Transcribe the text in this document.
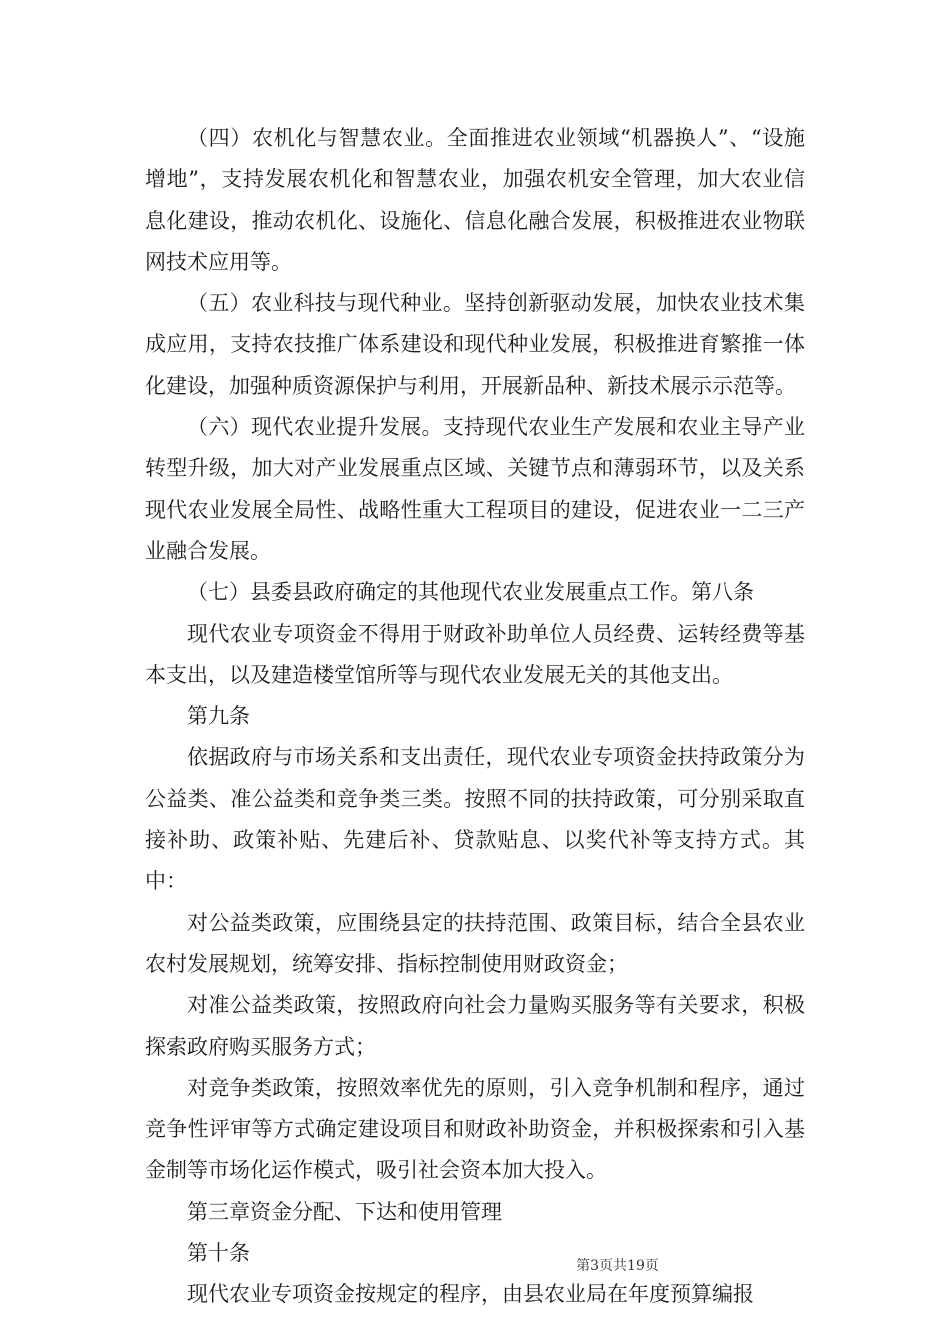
（四）农机化与智慧农业。全面推进农业领域“机器换人”、“设施增地”，支持发展农机化和智慧农业，加强农机安全管理，加大农业信息化建设，推动农机化、设施化、信息化融合发展，积极推进农业物联网技术应用等。

（五）农业科技与现代种业。坚持创新驱动发展，加快农业技术集成应用，支持农技推广体系建设和现代种业发展，积极推进育繁推一体化建设，加强种质资源保护与利用，开展新品种、新技术展示示范等。

（六）现代农业提升发展。支持现代农业生产发展和农业主导产业转型升级，加大对产业发展重点区域、关键节点和薄弱环节，以及关系现代农业发展全局性、战略性重大工程项目的建设，促进农业一二三产业融合发展。

（七）县委县政府确定的其他现代农业发展重点工作。第八条

现代农业专项资金不得用于财政补助单位人员经费、运转经费等基本支出，以及建造楼堂馆所等与现代农业发展无关的其他支出。

第九条

依据政府与市场关系和支出责任，现代农业专项资金扶持政策分为公益类、准公益类和竞争类三类。按照不同的扶持政策，可分别采取直接补助、政策补贴、先建后补、贷款贴息、以奖代补等支持方式。其中：

对公益类政策，应围绕县定的扶持范围、政策目标，结合全县农业农村发展规划，统筹安排、指标控制使用财政资金；

对准公益类政策，按照政府向社会力量购买服务等有关要求，积极探索政府购买服务方式；

对竞争类政策，按照效率优先的原则，引入竞争机制和程序，通过竞争性评审等方式确定建设项目和财政补助资金，并积极探索和引入基金制等市场化运作模式，吸引社会资本加大投入。

第三章资金分配、下达和使用管理

第十条

现代农业专项资金按规定的程序，由县农业局在年度预算编报

第3页共19页
